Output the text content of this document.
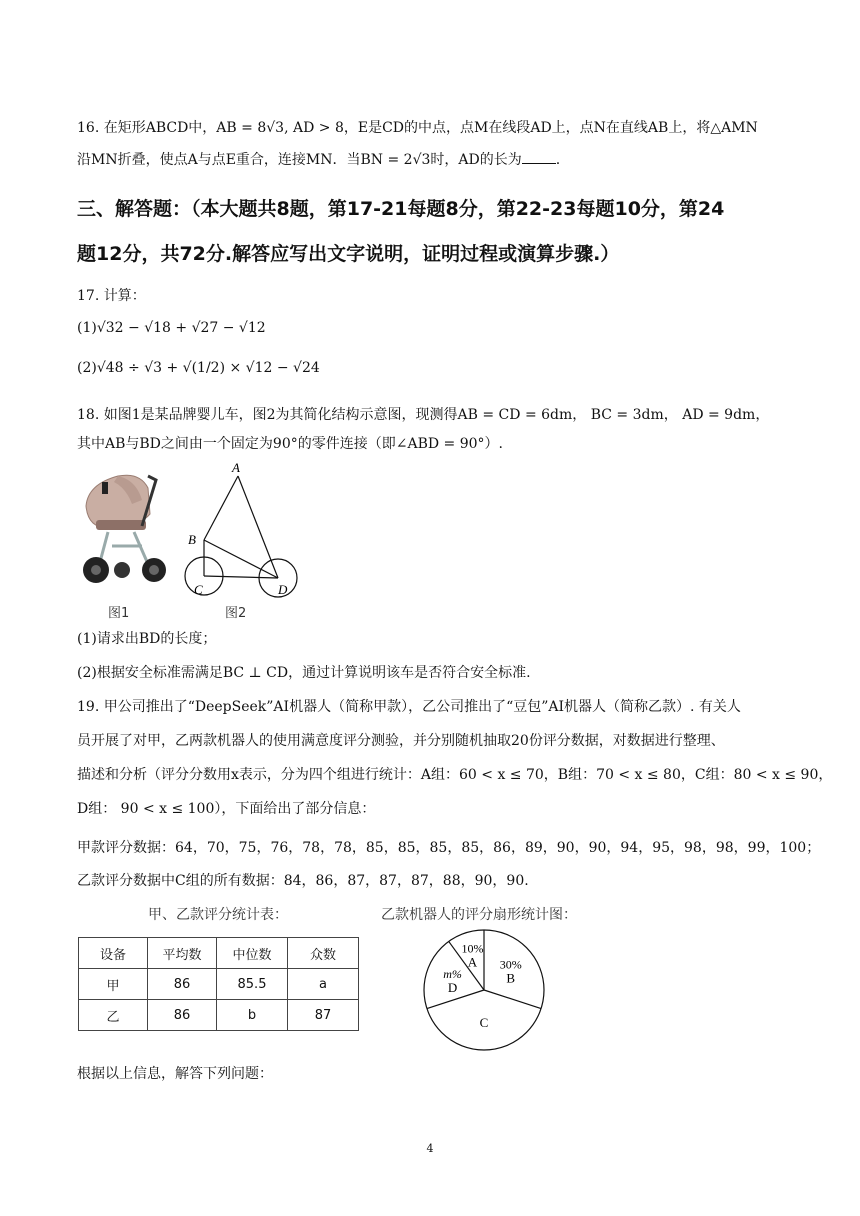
16. 在矩形ABCD中，AB = 8√3, AD > 8，E是CD的中点，点M在线段AD上，点N在直线AB上，将△AMN
沿MN折叠，使点A与点E重合，连接MN．当BN = 2√3时，AD的长为 .
三、解答题：（本大题共8题，第17-21每题8分，第22-23每题10分，第24
题12分，共72分.解答应写出文字说明，证明过程或演算步骤.）
17. 计算：
(1)√32 − √18 + √27 − √12
(2)√48 ÷ √3 + √(1/2) × √12 − √24
18. 如图1是某品牌婴儿车，图2为其简化结构示意图，现测得AB = CD = 6dm， BC = 3dm， AD = 9dm，
其中AB与BD之间由一个固定为90°的零件连接（即∠ABD = 90°）.
图1
A
B
C	D
图2
(1)请求出BD的长度；
(2)根据安全标准需满足BC ⊥ CD，通过计算说明该车是否符合安全标准.
19. 甲公司推出了“DeepSeek”AI机器人（简称甲款），乙公司推出了“豆包”AI机器人（简称乙款）. 有关人
员开展了对甲，乙两款机器人的使用满意度评分测验，并分别随机抽取20份评分数据，对数据进行整理、
描述和分析（评分分数用x表示，分为四个组进行统计：A组：60 < x ≤ 70，B组：70 < x ≤ 80，C组：80 < x ≤ 90，
D组： 90 < x ≤ 100），下面给出了部分信息：
甲款评分数据：64，70，75，76，78，78，85，85，85，85，86，89，90，90，94，95，98，98，99，100；
乙款评分数据中C组的所有数据：84，86，87，87，87，88，90，90.
甲、乙款评分统计表：
设备	平均数	中位数	众数
甲	86	85.5	a
乙	86	b	87
乙款机器人的评分扇形统计图：
30%
B
C
m%
D
10%
A
根据以上信息，解答下列问题：
4
